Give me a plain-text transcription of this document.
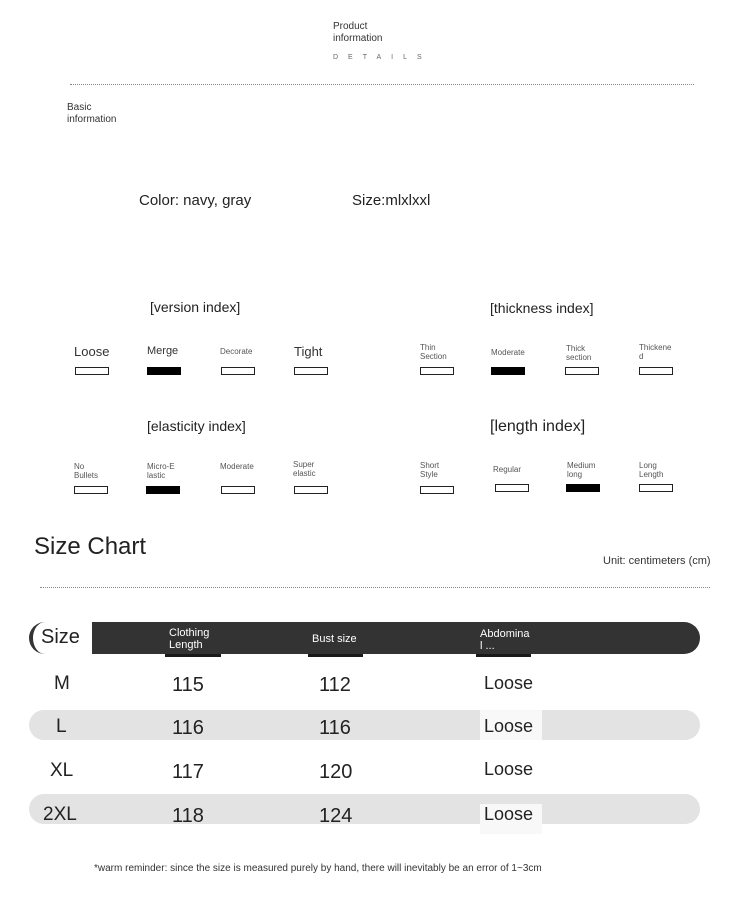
Product
information
DETAILS
Basic
information
Color: navy, gray	Size:mlxlxxl
[version index]
Loose	Merge	Decorate	Tight
[thickness index]
Thin Section	Moderate	Thick section
Thickened
[elasticity index]
No Bullets
Micro-Elastic
Moderate	Super elastic
[length index]
Short Style
Regular	Medium long
Long Length
Size Chart
Unit: centimeters (cm)
Size	Clothing Length	Bust size	Abdominal ...
M	115	112	Loose
L	116	116	Loose
XL	117	120	Loose
2XL	118	124	Loose
*warm reminder: since the size is measured purely by hand, there will inevitably be an error of 1~3cm
